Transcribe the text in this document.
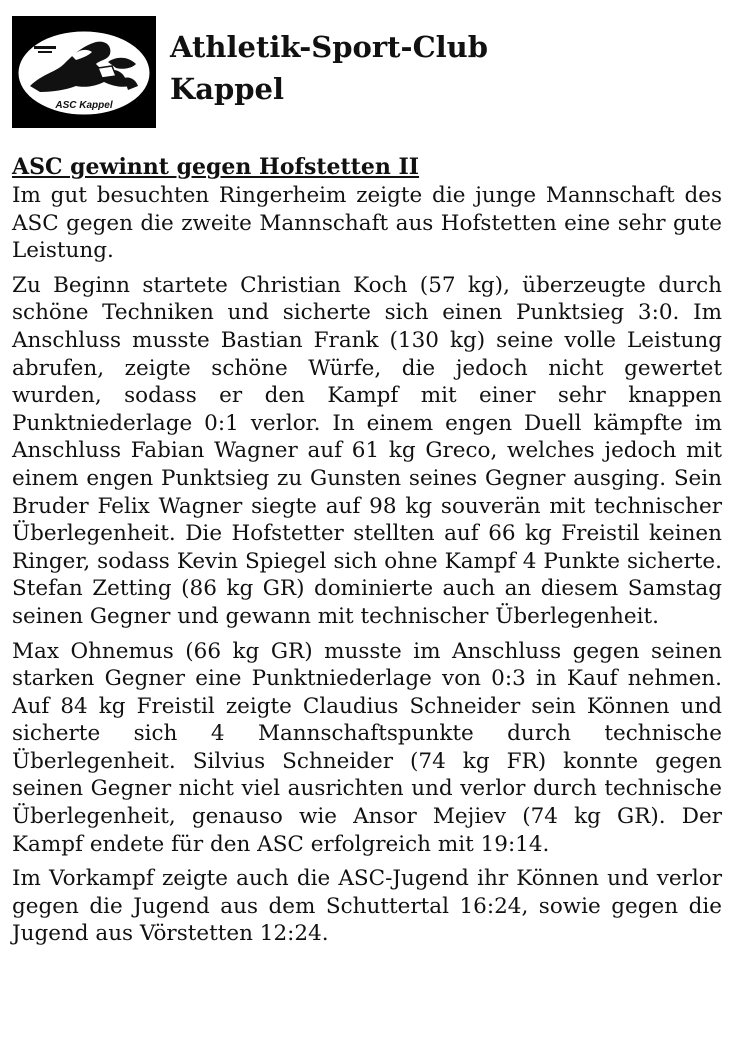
ASC Kappel
Athletik-Sport-Club
Kappel
ASC gewinnt gegen Hofstetten II

Im gut besuchten Ringerheim zeigte die junge Mannschaft des ASC gegen die zweite Mannschaft aus Hofstetten eine sehr gute Leistung.

Zu Beginn startete Christian Koch (57 kg), überzeugte durch schöne Techniken und sicherte sich einen Punktsieg 3:0. Im Anschluss musste Bastian Frank (130 kg) seine volle Leistung abrufen, zeigte schöne Würfe, die jedoch nicht gewertet wurden, sodass er den Kampf mit einer sehr knappen Punktniederlage 0:1 verlor. In einem engen Duell kämpfte im Anschluss Fabian Wagner auf 61 kg Greco, welches jedoch mit einem engen Punktsieg zu Gunsten seines Gegner ausging. Sein Bruder Felix Wagner siegte auf 98 kg souverän mit technischer Überlegenheit. Die Hofstetter stellten auf 66 kg Freistil keinen Ringer, sodass Kevin Spiegel sich ohne Kampf 4 Punkte sicherte. Stefan Zetting (86 kg GR) dominierte auch an diesem Samstag seinen Gegner und gewann mit technischer Überlegenheit.

Max Ohnemus (66 kg GR) musste im Anschluss gegen seinen starken Gegner eine Punktniederlage von 0:3 in Kauf nehmen. Auf 84 kg Freistil zeigte Claudius Schneider sein Können und sicherte sich 4 Mannschaftspunkte durch technische Überlegenheit. Silvius Schneider (74 kg FR) konnte gegen seinen Gegner nicht viel ausrichten und verlor durch technische Überlegenheit, genauso wie Ansor Mejiev (74 kg GR). Der Kampf endete für den ASC erfolgreich mit 19:14.

Im Vorkampf zeigte auch die ASC-Jugend ihr Können und verlor gegen die Jugend aus dem Schuttertal 16:24, sowie gegen die Jugend aus Vörstetten 12:24.
